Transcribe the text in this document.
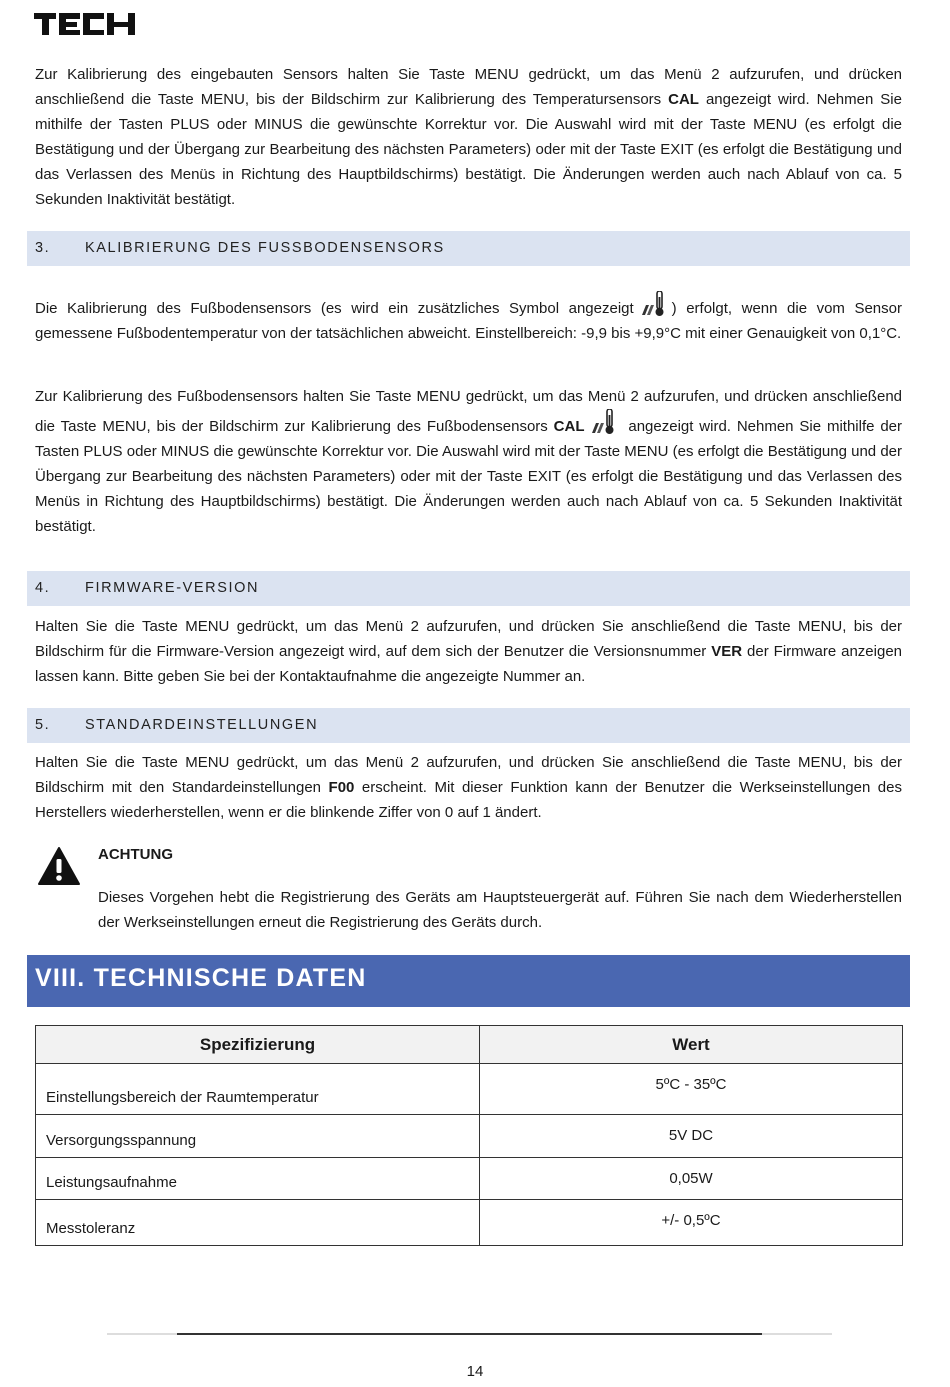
Zur Kalibrierung des eingebauten Sensors halten Sie Taste MENU gedrückt, um das Menü 2 aufzurufen, und drücken anschließend die Taste MENU, bis der Bildschirm zur Kalibrierung des Temperatursensors CAL angezeigt wird. Nehmen Sie mithilfe der Tasten PLUS oder MINUS die gewünschte Korrektur vor. Die Auswahl wird mit der Taste MENU (es erfolgt die Bestätigung und der Übergang zur Bearbeitung des nächsten Parameters) oder mit der Taste EXIT (es erfolgt die Bestätigung und das Verlassen des Menüs in Richtung des Hauptbildschirms) bestätigt. Die Änderungen werden auch nach Ablauf von ca. 5 Sekunden Inaktivität bestätigt.

3. KALIBRIERUNG DES FUSSBODENSENSORS

Die Kalibrierung des Fußbodensensors (es wird ein zusätzliches Symbol angezeigt	) erfolgt, wenn die vom Sensor gemessene Fußbodentemperatur von der tatsächlichen abweicht. Einstellbereich: -9,9 bis +9,9°C mit einer Genauigkeit von 0,1°C.

Zur Kalibrierung des Fußbodensensors halten Sie Taste MENU gedrückt, um das Menü 2 aufzurufen, und drücken anschließend die Taste MENU, bis der Bildschirm zur Kalibrierung des Fußbodensensors CAL	angezeigt wird. Nehmen Sie mithilfe der Tasten PLUS oder MINUS die gewünschte Korrektur vor. Die Auswahl wird mit der Taste MENU (es erfolgt die Bestätigung und der Übergang zur Bearbeitung des nächsten Parameters) oder mit der Taste EXIT (es erfolgt die Bestätigung und das Verlassen des Menüs in Richtung des Hauptbildschirms) bestätigt. Die Änderungen werden auch nach Ablauf von ca. 5 Sekunden Inaktivität bestätigt.

4. FIRMWARE-VERSION

Halten Sie die Taste MENU gedrückt, um das Menü 2 aufzurufen, und drücken Sie anschließend die Taste MENU, bis der Bildschirm für die Firmware-Version angezeigt wird, auf dem sich der Benutzer die Versionsnummer VER der Firmware anzeigen lassen kann. Bitte geben Sie bei der Kontaktaufnahme die angezeigte Nummer an.

5. STANDARDEINSTELLUNGEN

Halten Sie die Taste MENU gedrückt, um das Menü 2 aufzurufen, und drücken Sie anschließend die Taste MENU, bis der Bildschirm mit den Standardeinstellungen F00 erscheint. Mit dieser Funktion kann der Benutzer die Werkseinstellungen des Herstellers wiederherstellen, wenn er die blinkende Ziffer von 0 auf 1 ändert.

ACHTUNG

Dieses Vorgehen hebt die Registrierung des Geräts am Hauptsteuergerät auf. Führen Sie nach dem Wiederherstellen der Werkseinstellungen erneut die Registrierung des Geräts durch.

VIII. TECHNISCHE DATEN
Spezifizierung	Wert
Einstellungsbereich der Raumtemperatur	5ºC - 35ºC
Versorgungsspannung	5V DC
Leistungsaufnahme	0,05W
Messtoleranz	+/- 0,5ºC
14
